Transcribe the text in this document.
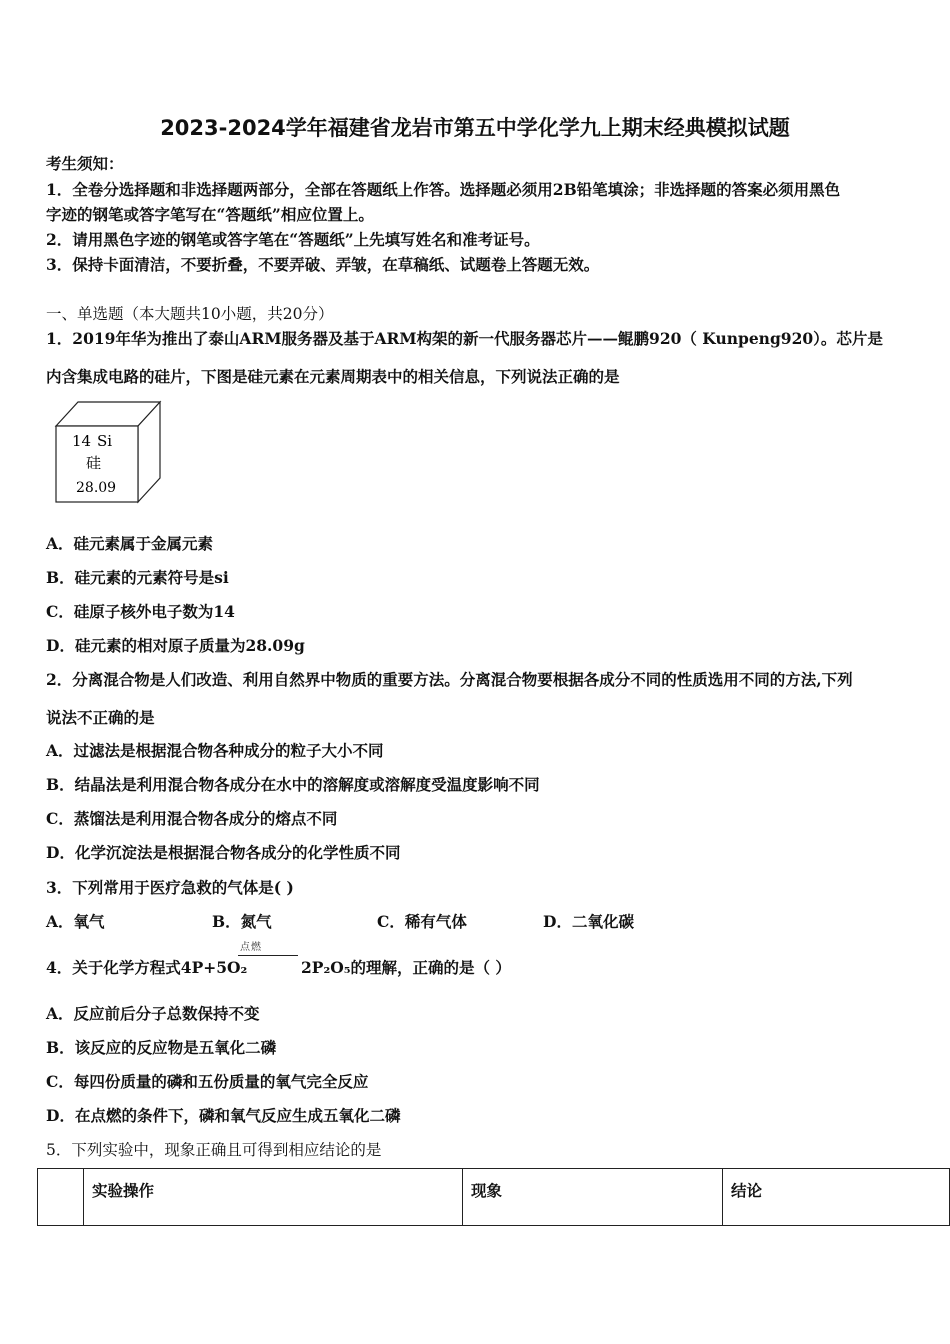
2023-2024学年福建省龙岩市第五中学化学九上期末经典模拟试题
考生须知：
1．全卷分选择题和非选择题两部分，全部在答题纸上作答。选择题必须用2B铅笔填涂；非选择题的答案必须用黑色
字迹的钢笔或答字笔写在“答题纸”相应位置上。
2．请用黑色字迹的钢笔或答字笔在“答题纸”上先填写姓名和准考证号。
3．保持卡面清洁，不要折叠，不要弄破、弄皱，在草稿纸、试题卷上答题无效。
一、单选题（本大题共10小题，共20分）
1．2019年华为推出了泰山ARM服务器及基于ARM构架的新一代服务器芯片——鲲鹏920（ Kunpeng920）。芯片是
内含集成电路的硅片，下图是硅元素在元素周期表中的相关信息，下列说法正确的是
14 Si
硅
28.09
A．硅元素属于金属元素
B．硅元素的元素符号是si
C．硅原子核外电子数为14
D．硅元素的相对原子质量为28.09g
2．分离混合物是人们改造、利用自然界中物质的重要方法。分离混合物要根据各成分不同的性质选用不同的方法,下列
说法不正确的是
A．过滤法是根据混合物各种成分的粒子大小不同
B．结晶法是利用混合物各成分在水中的溶解度或溶解度受温度影响不同
C．蒸馏法是利用混合物各成分的熔点不同
D．化学沉淀法是根据混合物各成分的化学性质不同
3．下列常用于医疗急救的气体是( )
A．氧气	B．氮气	C．稀有气体	D．二氧化碳
4．关于化学方程式4P+5O₂
点燃
2P₂O₅的理解，正确的是（ ）
A．反应前后分子总数保持不变
B．该反应的反应物是五氧化二磷
C．每四份质量的磷和五份质量的氧气完全反应
D．在点燃的条件下，磷和氧气反应生成五氧化二磷
5．下列实验中，现象正确且可得到相应结论的是
	实验操作	现象	结论
